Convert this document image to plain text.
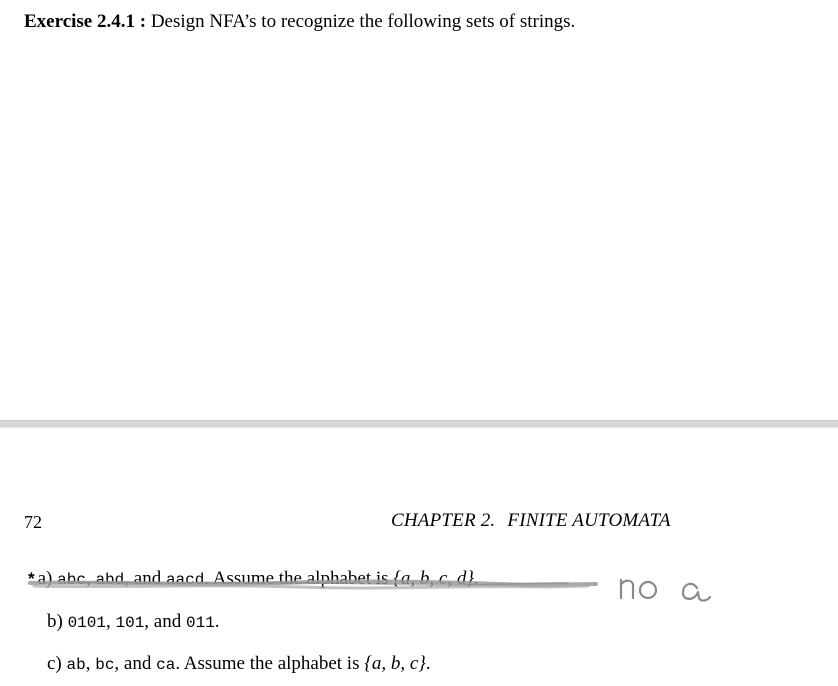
Exercise 2.4.1 : Design NFA’s to recognize the following sets of strings.
72	CHAPTER 2. FINITE AUTOMATA
* a) abc, abd, and aacd. Assume the alphabet is {a, b, c, d}.
b) 0101, 101, and 011.
c) ab, bc, and ca. Assume the alphabet is {a, b, c}.
